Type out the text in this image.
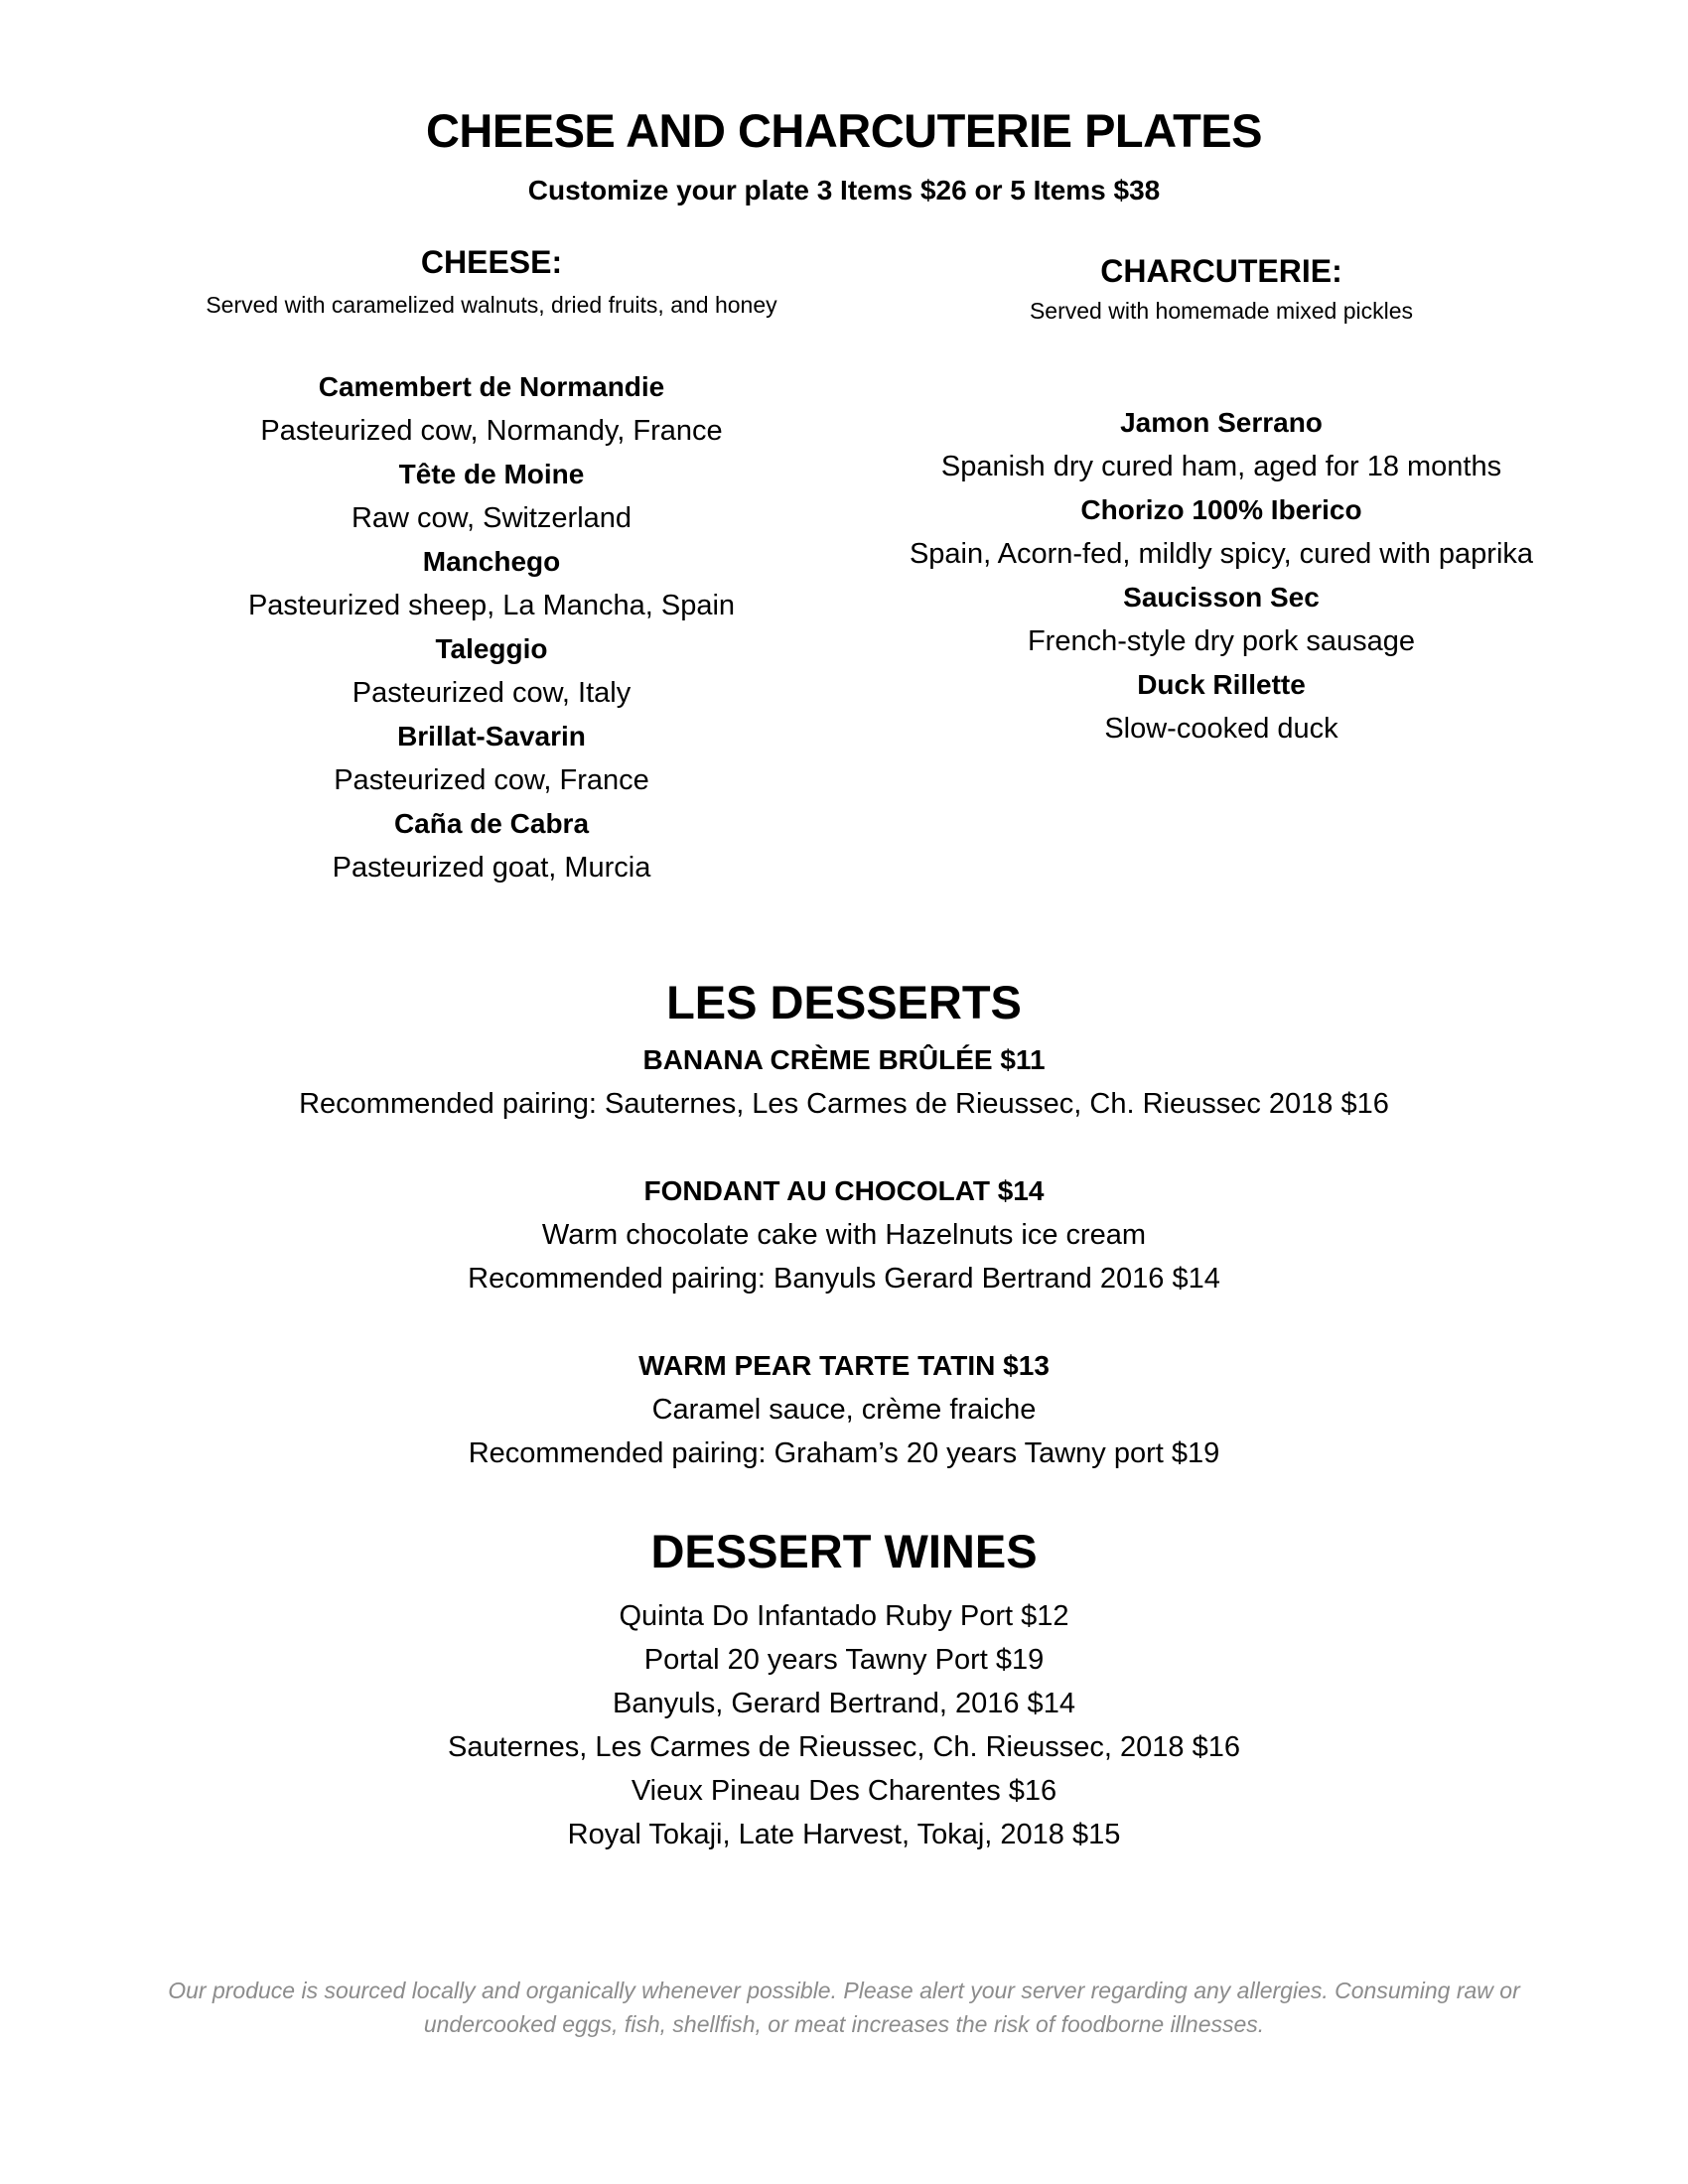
CHEESE AND CHARCUTERIE PLATES
Customize your plate 3 Items $26 or 5 Items $38
CHEESE:
Served with caramelized walnuts, dried fruits, and honey
Camembert de Normandie
Pasteurized cow, Normandy, France
Tête de Moine
Raw cow, Switzerland
Manchego
Pasteurized sheep, La Mancha, Spain
Taleggio
Pasteurized cow, Italy
Brillat-Savarin
Pasteurized cow, France
Caña de Cabra
Pasteurized goat, Murcia
CHARCUTERIE:
Served with homemade mixed pickles
Jamon Serrano
Spanish dry cured ham, aged for 18 months
Chorizo 100% Iberico
Spain, Acorn-fed, mildly spicy, cured with paprika
Saucisson Sec
French-style dry pork sausage
Duck Rillette
Slow-cooked duck
LES DESSERTS
BANANA CRÈME BRÛLÉE $11
Recommended pairing: Sauternes, Les Carmes de Rieussec, Ch. Rieussec 2018 $16
FONDANT AU CHOCOLAT $14
Warm chocolate cake with Hazelnuts ice cream
Recommended pairing: Banyuls Gerard Bertrand 2016 $14
WARM PEAR TARTE TATIN $13
Caramel sauce, crème fraiche
Recommended pairing: Graham’s 20 years Tawny port $19
DESSERT WINES
Quinta Do Infantado Ruby Port $12
Portal 20 years Tawny Port $19
Banyuls, Gerard Bertrand, 2016 $14
Sauternes, Les Carmes de Rieussec, Ch. Rieussec, 2018 $16
Vieux Pineau Des Charentes $16
Royal Tokaji, Late Harvest, Tokaj, 2018 $15
Our produce is sourced locally and organically whenever possible. Please alert your server regarding any allergies. Consuming raw or
undercooked eggs, fish, shellfish, or meat increases the risk of foodborne illnesses.
